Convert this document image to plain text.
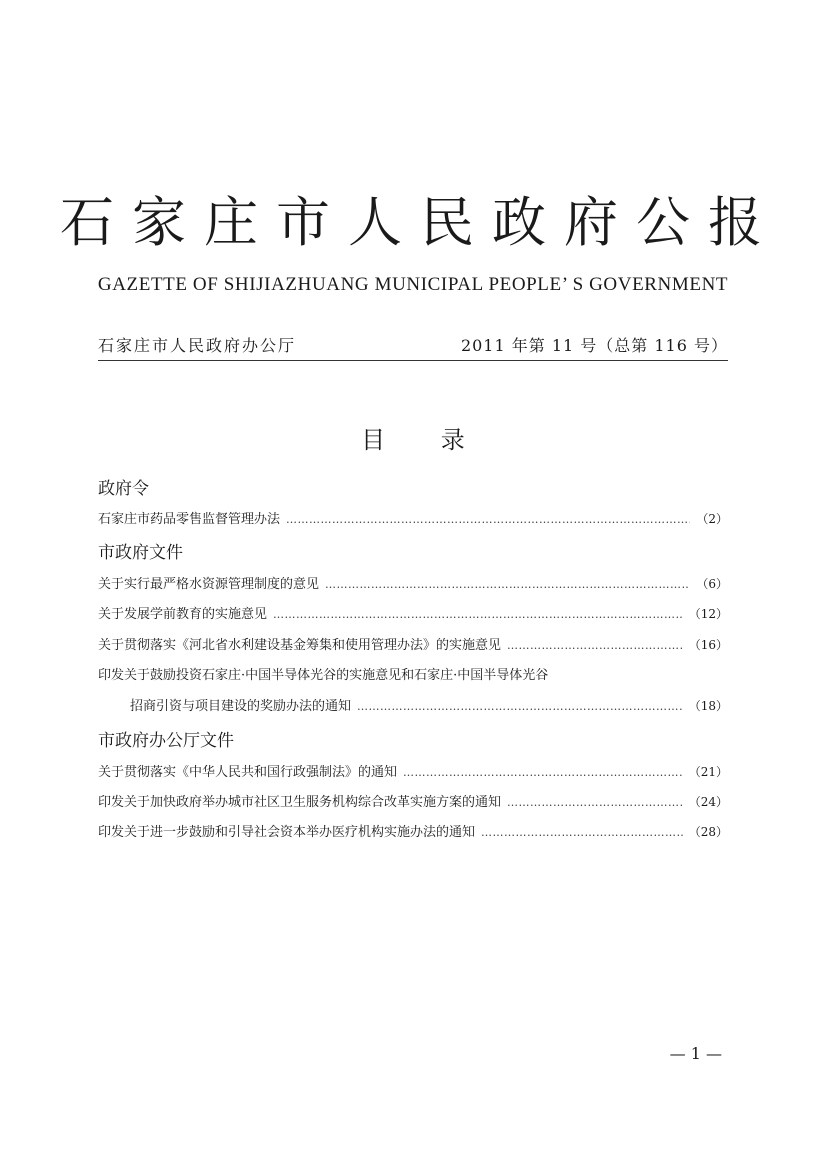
石家庄市人民政府公报
GAZETTE OF SHIJIAZHUANG MUNICIPAL PEOPLE’ S GOVERNMENT
石家庄市人民政府办公厅	2011 年第 11 号（总第 116 号）
目 录
政府令
石家庄市药品零售监督管理办法 ……………………………………………………………………………………………………………………………………………………………………	（2）
市政府文件
关于实行最严格水资源管理制度的意见 ……………………………………………………………………………………………………………………………………………………………………	（6）
关于发展学前教育的实施意见 ……………………………………………………………………………………………………………………………………………………………………	（12）
关于贯彻落实《河北省水利建设基金筹集和使用管理办法》的实施意见 ……………………………………………………………………………………………………………………………………………………………………	（16）
印发关于鼓励投资石家庄·中国半导体光谷的实施意见和石家庄·中国半导体光谷
招商引资与项目建设的奖励办法的通知 ……………………………………………………………………………………………………………………………………………………………………	（18）
市政府办公厅文件
关于贯彻落实《中华人民共和国行政强制法》的通知 ……………………………………………………………………………………………………………………………………………………………………	（21）
印发关于加快政府举办城市社区卫生服务机构综合改革实施方案的通知 ……………………………………………………………………………………………………………………………………………………………………	（24）
印发关于进一步鼓励和引导社会资本举办医疗机构实施办法的通知 ……………………………………………………………………………………………………………………………………………………………………	（28）
— 1 —
